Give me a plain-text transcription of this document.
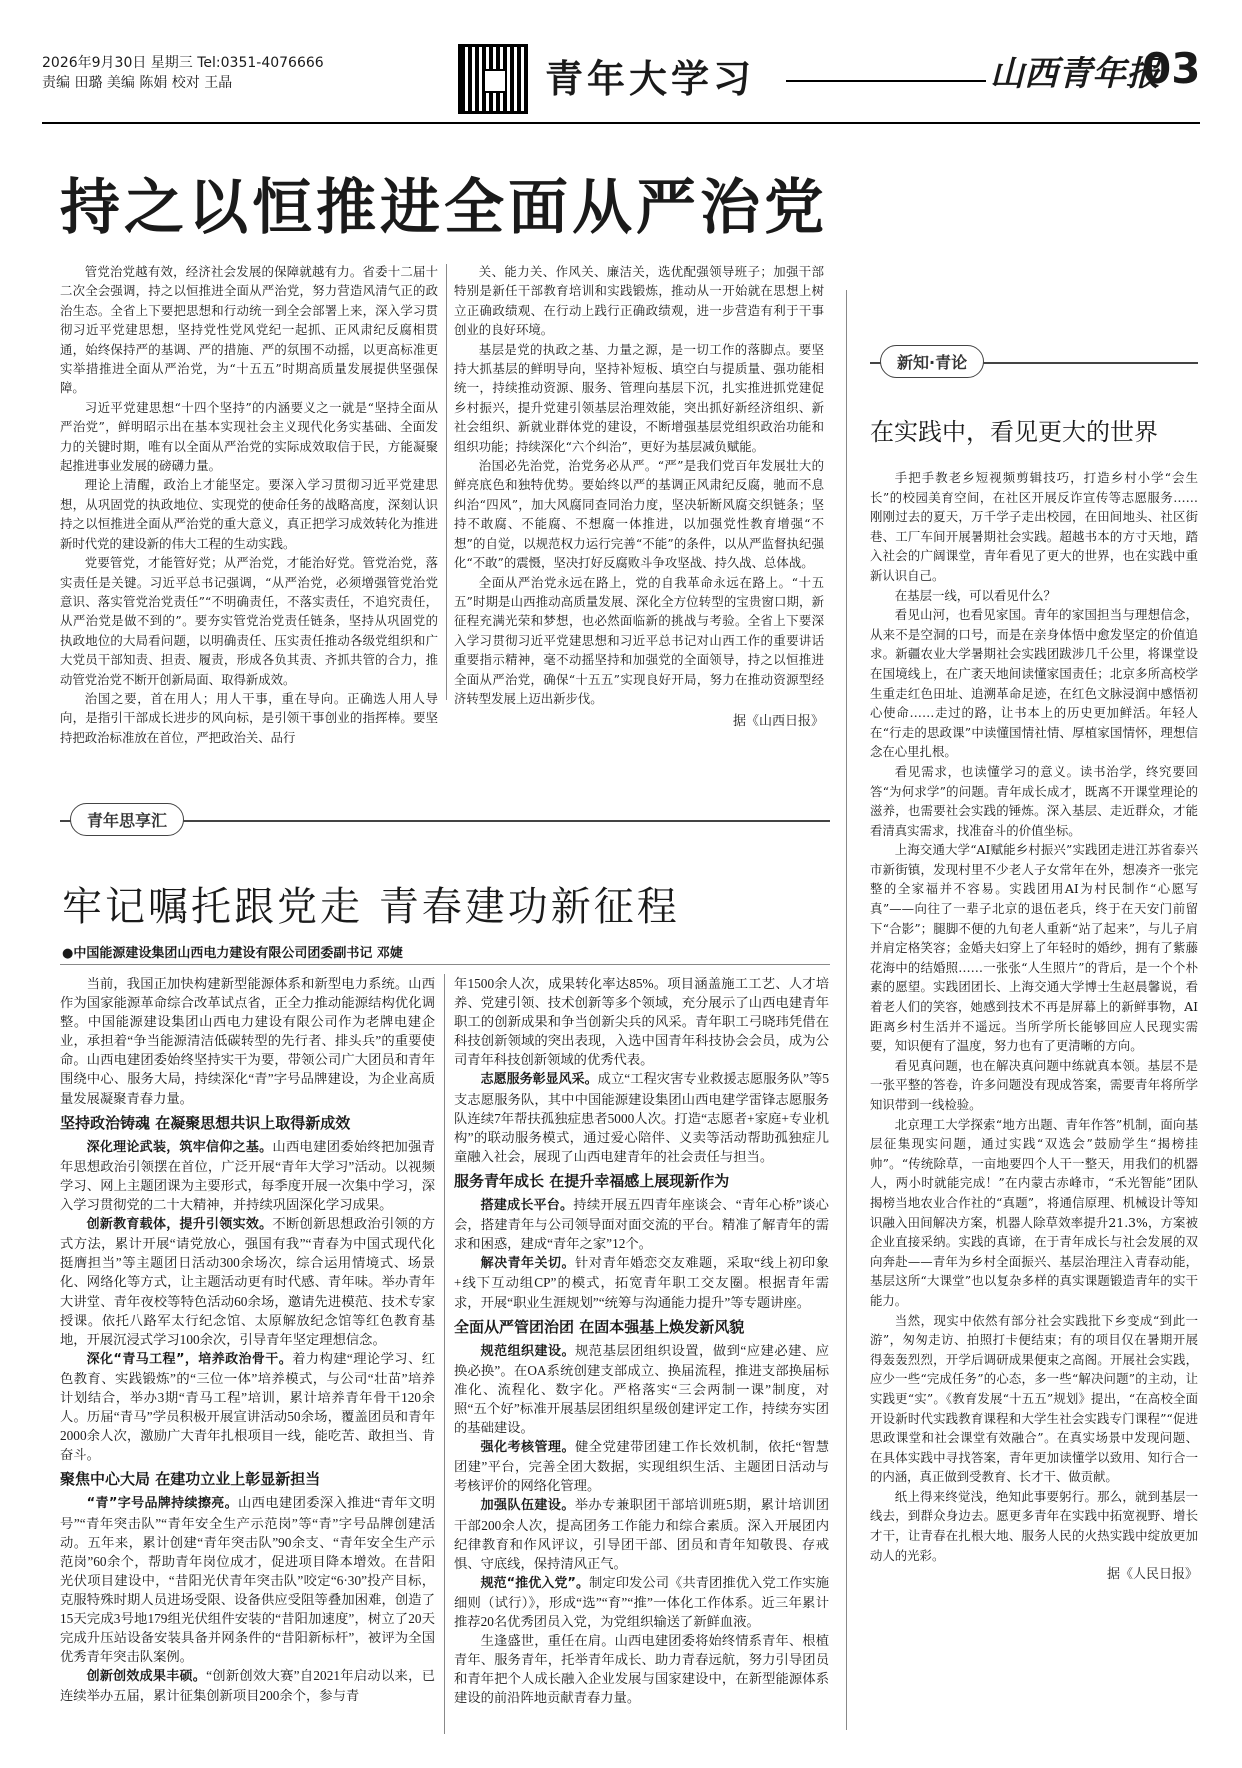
2026年9月30日 星期三 Tel:0351-4076666
责编 田璐 美编 陈娟 校对 王晶	青年大学习	山西青年报
03
持之以恒推进全面从严治党

管党治党越有效，经济社会发展的保障就越有力。省委十二届十二次全会强调，持之以恒推进全面从严治党，努力营造风清气正的政治生态。全省上下要把思想和行动统一到全会部署上来，深入学习贯彻习近平党建思想，坚持党性党风党纪一起抓、正风肃纪反腐相贯通，始终保持严的基调、严的措施、严的氛围不动摇，以更高标准更实举措推进全面从严治党，为“十五五”时期高质量发展提供坚强保障。

习近平党建思想“十四个坚持”的内涵要义之一就是“坚持全面从严治党”，鲜明昭示出在基本实现社会主义现代化务实基础、全面发力的关键时期，唯有以全面从严治党的实际成效取信于民，方能凝聚起推进事业发展的磅礴力量。

理论上清醒，政治上才能坚定。要深入学习贯彻习近平党建思想，从巩固党的执政地位、实现党的使命任务的战略高度，深刻认识持之以恒推进全面从严治党的重大意义，真正把学习成效转化为推进新时代党的建设新的伟大工程的生动实践。

党要管党，才能管好党；从严治党，才能治好党。管党治党，落实责任是关键。习近平总书记强调，“从严治党，必须增强管党治党意识、落实管党治党责任”“不明确责任，不落实责任，不追究责任，从严治党是做不到的”。要夯实管党治党责任链条，坚持从巩固党的执政地位的大局看问题，以明确责任、压实责任推动各级党组织和广大党员干部知责、担责、履责，形成各负其责、齐抓共管的合力，推动管党治党不断开创新局面、取得新成效。

治国之要，首在用人；用人干事，重在导向。正确选人用人导向，是指引干部成长进步的风向标，是引领干事创业的指挥棒。要坚持把政治标准放在首位，严把政治关、品行

关、能力关、作风关、廉洁关，选优配强领导班子；加强干部特别是新任干部教育培训和实践锻炼，推动从一开始就在思想上树立正确政绩观、在行动上践行正确政绩观，进一步营造有利于干事创业的良好环境。

基层是党的执政之基、力量之源，是一切工作的落脚点。要坚持大抓基层的鲜明导向，坚持补短板、填空白与提质量、强功能相统一，持续推动资源、服务、管理向基层下沉，扎实推进抓党建促乡村振兴，提升党建引领基层治理效能，突出抓好新经济组织、新社会组织、新就业群体党的建设，不断增强基层党组织政治功能和组织功能；持续深化“六个纠治”，更好为基层减负赋能。

治国必先治党，治党务必从严。“严”是我们党百年发展壮大的鲜亮底色和独特优势。要始终以严的基调正风肃纪反腐，驰而不息纠治“四风”，加大风腐同查同治力度，坚决斩断风腐交织链条；坚持不敢腐、不能腐、不想腐一体推进，以加强党性教育增强“不想”的自觉，以规范权力运行完善“不能”的条件，以从严监督执纪强化“不敢”的震慑，坚决打好反腐败斗争攻坚战、持久战、总体战。

全面从严治党永远在路上，党的自我革命永远在路上。“十五五”时期是山西推动高质量发展、深化全方位转型的宝贵窗口期，新征程充满光荣和梦想，也必然面临新的挑战与考验。全省上下要深入学习贯彻习近平党建思想和习近平总书记对山西工作的重要讲话重要指示精神，毫不动摇坚持和加强党的全面领导，持之以恒推进全面从严治党，确保“十五五”实现良好开局，努力在推动资源型经济转型发展上迈出新步伐。

据《山西日报》
青年思享汇
牢记嘱托跟党走 青春建功新征程
●中国能源建设集团山西电力建设有限公司团委副书记 邓婕

当前，我国正加快构建新型能源体系和新型电力系统。山西作为国家能源革命综合改革试点省，正全力推动能源结构优化调整。中国能源建设集团山西电力建设有限公司作为老牌电建企业，承担着“争当能源清洁低碳转型的先行者、排头兵”的重要使命。山西电建团委始终坚持实干为要，带领公司广大团员和青年围绕中心、服务大局，持续深化“青”字号品牌建设，为企业高质量发展凝聚青春力量。

坚持政治铸魂 在凝聚思想共识上取得新成效

深化理论武装，筑牢信仰之基。山西电建团委始终把加强青年思想政治引领摆在首位，广泛开展“青年大学习”活动。以视频学习、网上主题团课为主要形式，每季度开展一次集中学习，深入学习贯彻党的二十大精神，并持续巩固深化学习成果。

创新教育载体，提升引领实效。不断创新思想政治引领的方式方法，累计开展“请党放心，强国有我”“青春为中国式现代化挺膺担当”等主题团日活动300余场次，综合运用情境式、场景化、网络化等方式，让主题活动更有时代感、青年味。举办青年大讲堂、青年夜校等特色活动60余场，邀请先进模范、技术专家授课。依托八路军太行纪念馆、太原解放纪念馆等红色教育基地，开展沉浸式学习100余次，引导青年坚定理想信念。

深化“青马工程”，培养政治骨干。着力构建“理论学习、红色教育、实践锻炼”的“三位一体”培养模式，与公司“壮苗”培养计划结合，举办3期“青马工程”培训，累计培养青年骨干120余人。历届“青马”学员积极开展宣讲活动50余场，覆盖团员和青年2000余人次，激励广大青年扎根项目一线，能吃苦、敢担当、肯奋斗。

聚焦中心大局 在建功立业上彰显新担当

“青”字号品牌持续擦亮。山西电建团委深入推进“青年文明号”“青年突击队”“青年安全生产示范岗”等“青”字号品牌创建活动。五年来，累计创建“青年突击队”90余支、“青年安全生产示范岗”60余个，帮助青年岗位成才，促进项目降本增效。在昔阳光伏项目建设中，“昔阳光伏青年突击队”咬定“6·30”投产目标，克服特殊时期人员进场受限、设备供应受阻等叠加困难，创造了15天完成3号地179组光伏组件安装的“昔阳加速度”，树立了20天完成升压站设备安装具备并网条件的“昔阳新标杆”，被评为全国优秀青年突击队案例。

创新创效成果丰硕。“创新创效大赛”自2021年启动以来，已连续举办五届，累计征集创新项目200余个，参与青

年1500余人次，成果转化率达85%。项目涵盖施工工艺、人才培养、党建引领、技术创新等多个领域，充分展示了山西电建青年职工的创新成果和争当创新尖兵的风采。青年职工弓晓玮凭借在科技创新领域的突出表现，入选中国青年科技协会会员，成为公司青年科技创新领域的优秀代表。

志愿服务彰显风采。成立“工程灾害专业救援志愿服务队”等5支志愿服务队，其中中国能源建设集团山西电建学雷锋志愿服务队连续7年帮扶孤独症患者5000人次。打造“志愿者+家庭+专业机构”的联动服务模式，通过爱心陪伴、义卖等活动帮助孤独症儿童融入社会，展现了山西电建青年的社会责任与担当。

服务青年成长 在提升幸福感上展现新作为

搭建成长平台。持续开展五四青年座谈会、“青年心桥”谈心会，搭建青年与公司领导面对面交流的平台。精准了解青年的需求和困惑，建成“青年之家”12个。

解决青年关切。针对青年婚恋交友难题，采取“线上初印象+线下互动组CP”的模式，拓宽青年职工交友圈。根据青年需求，开展“职业生涯规划”“统筹与沟通能力提升”等专题讲座。

全面从严管团治团 在固本强基上焕发新风貌

规范组织建设。规范基层团组织设置，做到“应建必建、应换必换”。在OA系统创建支部成立、换届流程，推进支部换届标准化、流程化、数字化。严格落实“三会两制一课”制度，对照“五个好”标准开展基层团组织星级创建评定工作，持续夯实团的基础建设。

强化考核管理。健全党建带团建工作长效机制，依托“智慧团建”平台，完善全团大数据，实现组织生活、主题团日活动与考核评价的网络化管理。

加强队伍建设。举办专兼职团干部培训班5期，累计培训团干部200余人次，提高团务工作能力和综合素质。深入开展团内纪律教育和作风评议，引导团干部、团员和青年知敬畏、存戒惧、守底线，保持清风正气。

规范“推优入党”。制定印发公司《共青团推优入党工作实施细则（试行）》，形成“选”“育”“推”一体化工作体系。近三年累计推荐20名优秀团员入党，为党组织输送了新鲜血液。

生逢盛世，重任在肩。山西电建团委将始终情系青年、根植青年、服务青年，托举青年成长、助力青春远航，努力引导团员和青年把个人成长融入企业发展与国家建设中，在新型能源体系建设的前沿阵地贡献青春力量。

新知·青论
在实践中，看见更大的世界

手把手教老乡短视频剪辑技巧，打造乡村小学“会生长”的校园美育空间，在社区开展反诈宣传等志愿服务……刚刚过去的夏天，万千学子走出校园，在田间地头、社区街巷、工厂车间开展暑期社会实践。超越书本的方寸天地，踏入社会的广阔课堂，青年看见了更大的世界，也在实践中重新认识自己。

在基层一线，可以看见什么？

看见山河，也看见家国。青年的家国担当与理想信念，从来不是空洞的口号，而是在亲身体悟中愈发坚定的价值追求。新疆农业大学暑期社会实践团跋涉几千公里，将课堂设在国境线上，在广袤天地间读懂家国责任；北京多所高校学生重走红色田址、追溯革命足迹，在红色文脉浸润中感悟初心使命……走过的路，让书本上的历史更加鲜活。年轻人在“行走的思政课”中读懂国情社情、厚植家国情怀，理想信念在心里扎根。

看见需求，也读懂学习的意义。读书治学，终究要回答“为何求学”的问题。青年成长成才，既离不开课堂理论的滋养，也需要社会实践的锤炼。深入基层、走近群众，才能看清真实需求，找准奋斗的价值坐标。

上海交通大学“AI赋能乡村振兴”实践团走进江苏省泰兴市新街镇，发现村里不少老人子女常年在外，想凑齐一张完整的全家福并不容易。实践团用AI为村民制作“心愿写真”——向往了一辈子北京的退伍老兵，终于在天安门前留下“合影”；腿脚不便的九旬老人重新“站了起来”，与儿子肩并肩定格笑容；金婚夫妇穿上了年轻时的婚纱，拥有了紫藤花海中的结婚照……一张张“人生照片”的背后，是一个个朴素的愿望。实践团团长、上海交通大学博士生赵晨馨说，看着老人们的笑容，她感到技术不再是屏幕上的新鲜事物，AI距离乡村生活并不遥远。当所学所长能够回应人民现实需要，知识便有了温度，努力也有了更清晰的方向。

看见真问题，也在解决真问题中练就真本领。基层不是一张平整的答卷，许多问题没有现成答案，需要青年将所学知识带到一线检验。

北京理工大学探索“地方出题、青年作答”机制，面向基层征集现实问题，通过实践“双选会”鼓励学生“揭榜挂帅”。“传统除草，一亩地要四个人干一整天，用我们的机器人，两小时就能完成！”在内蒙古赤峰市，“禾光智能”团队揭榜当地农业合作社的“真题”，将通信原理、机械设计等知识融入田间解决方案，机器人除草效率提升21.3%，方案被企业直接采纳。实践的真谛，在于青年成长与社会发展的双向奔赴——青年为乡村全面振兴、基层治理注入青春动能，基层这所“大课堂”也以复杂多样的真实课题锻造青年的实干能力。

当然，现实中依然有部分社会实践批下乡变成“到此一游”，匆匆走访、拍照打卡便结束；有的项目仅在暑期开展得轰轰烈烈，开学后调研成果便束之高阁。开展社会实践，应少一些“完成任务”的心态，多一些“解决问题”的主动，让实践更“实”。《教育发展“十五五”规划》提出，“在高校全面开设新时代实践教育课程和大学生社会实践专门课程”“促进思政课堂和社会课堂有效融合”。在真实场景中发现问题、在具体实践中寻找答案，青年更加读懂学以致用、知行合一的内涵，真正做到受教育、长才干、做贡献。

纸上得来终觉浅，绝知此事要躬行。那么，就到基层一线去，到群众身边去。愿更多青年在实践中拓宽视野、增长才干，让青春在扎根大地、服务人民的火热实践中绽放更加动人的光彩。

据《人民日报》
